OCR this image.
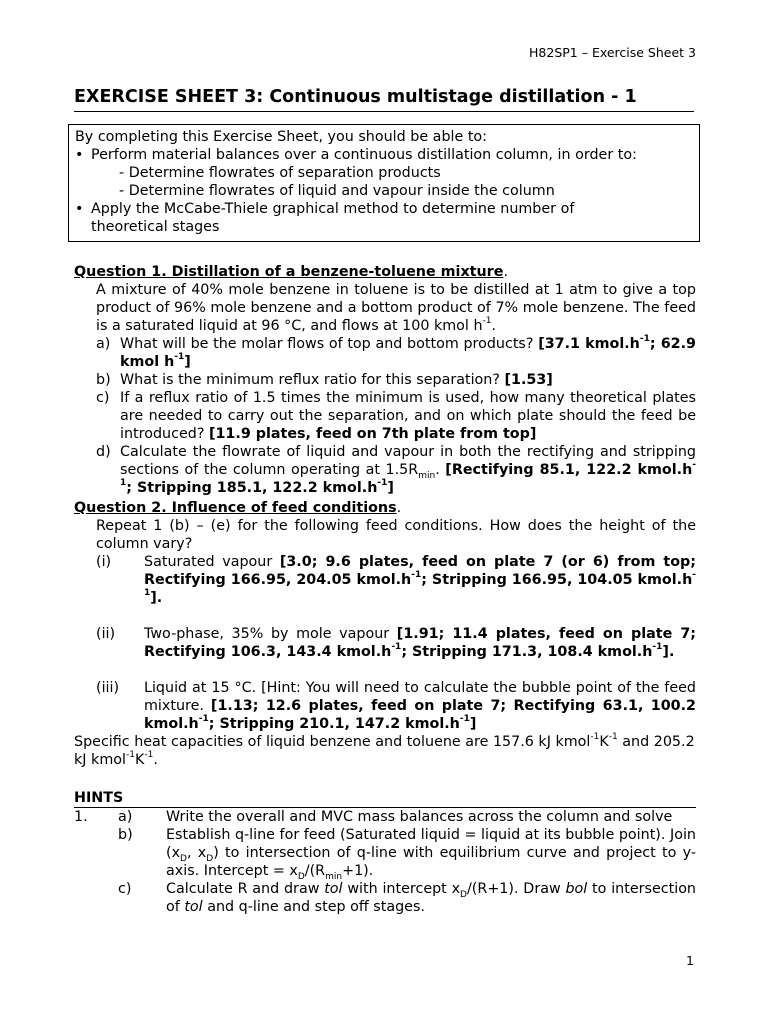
H82SP1 – Exercise Sheet 3
EXERCISE SHEET 3: Continuous multistage distillation - 1
By completing this Exercise Sheet, you should be able to:
• Perform material balances over a continuous distillation column, in order to:
- Determine flowrates of separation products
- Determine flowrates of liquid and vapour inside the column
• Apply the McCabe-Thiele graphical method to determine number of
theoretical stages
Question 1. Distillation of a benzene-toluene mixture.
A mixture of 40% mole benzene in toluene is to be distilled at 1 atm to give a top product of 96% mole benzene and a bottom product of 7% mole benzene. The feed is a saturated liquid at 96 °C, and flows at 100 kmol $h^{-1}$.
a) What will be the molar flows of top and bottom products? [37.1 $kmol.h^{-1}$; 62.9 kmol $h^{-1}$]
b) What is the minimum reflux ratio for this separation? [1.53]
c) If a reflux ratio of 1.5 times the minimum is used, how many theoretical plates are needed to carry out the separation, and on which plate should the feed be introduced? [11.9 plates, feed on 7th plate from top]
d) Calculate the flowrate of liquid and vapour in both the rectifying and stripping sections of the column operating at $1.5R_{min}$. [Rectifying 85.1, 122.2 $kmol.h^{-1}$; Stripping 185.1, 122.2 $kmol.h^{-1}$]
Question 2. Influence of feed conditions.
Repeat 1 (b) – (e) for the following feed conditions. How does the height of the column vary?
(i) Saturated vapour [3.0; 9.6 plates, feed on plate 7 (or 6) from top; Rectifying 166.95, 204.05 $kmol.h^{-1}$; Stripping 166.95, 104.05 $kmol.h^{-1}$].
(ii) Two-phase, 35% by mole vapour [1.91; 11.4 plates, feed on plate 7; Rectifying 106.3, 143.4 $kmol.h^{-1}$; Stripping 171.3, 108.4 $kmol.h^{-1}$].
(iii) Liquid at 15 °C. [Hint: You will need to calculate the bubble point of the feed mixture. [1.13; 12.6 plates, feed on plate 7; Rectifying 63.1, 100.2 $kmol.h^{-1}$; Stripping 210.1, 147.2 $kmol.h^{-1}$]
Specific heat capacities of liquid benzene and toluene are 157.6 kJ $kmol^{-1}K^{-1}$ and 205.2 kJ $kmol^{-1}K^{-1}$.
HINTS
1. a) Write the overall and MVC mass balances across the column and solve
b) Establish q-line for feed (Saturated liquid = liquid at its bubble point). Join ($x_D$, $x_D$) to intersection of q-line with equilibrium curve and project to y-axis. Intercept = $x_D/(R_{min}+1)$.
c) Calculate R and draw tol with intercept $x_D/(R+1)$. Draw bol to intersection of tol and q-line and step off stages.
1
